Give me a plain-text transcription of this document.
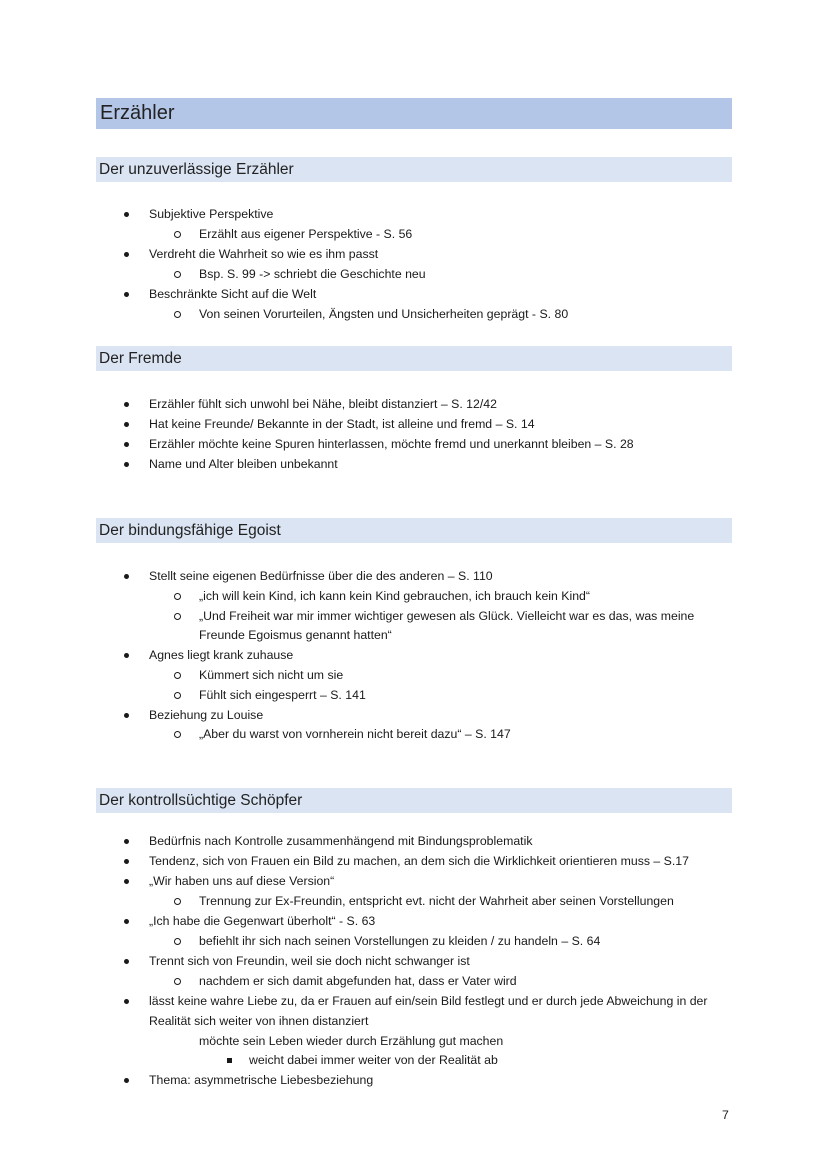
Erzähler
Der unzuverlässige Erzähler
Subjektive Perspektive
Erzählt aus eigener Perspektive - S. 56
Verdreht die Wahrheit so wie es ihm passt
Bsp. S. 99 -> schriebt die Geschichte neu
Beschränkte Sicht auf die Welt
Von seinen Vorurteilen, Ängsten und Unsicherheiten geprägt - S. 80
Der Fremde
Erzähler fühlt sich unwohl bei Nähe, bleibt distanziert – S. 12/42
Hat keine Freunde/ Bekannte in der Stadt, ist alleine und fremd – S. 14
Erzähler möchte keine Spuren hinterlassen, möchte fremd und unerkannt bleiben – S. 28
Name und Alter bleiben unbekannt
Der bindungsfähige Egoist
Stellt seine eigenen Bedürfnisse über die des anderen – S. 110
„ich will kein Kind, ich kann kein Kind gebrauchen, ich brauch kein Kind“
„Und Freiheit war mir immer wichtiger gewesen als Glück. Vielleicht war es das, was meine
Freunde Egoismus genannt hatten“
Agnes liegt krank zuhause
Kümmert sich nicht um sie
Fühlt sich eingesperrt – S. 141
Beziehung zu Louise
„Aber du warst von vornherein nicht bereit dazu“ – S. 147
Der kontrollsüchtige Schöpfer
Bedürfnis nach Kontrolle zusammenhängend mit Bindungsproblematik
Tendenz, sich von Frauen ein Bild zu machen, an dem sich die Wirklichkeit orientieren muss – S.17
„Wir haben uns auf diese Version“
Trennung zur Ex-Freundin, entspricht evt. nicht der Wahrheit aber seinen Vorstellungen
„Ich habe die Gegenwart überholt“ - S. 63
befiehlt ihr sich nach seinen Vorstellungen zu kleiden / zu handeln – S. 64
Trennt sich von Freundin, weil sie doch nicht schwanger ist
nachdem er sich damit abgefunden hat, dass er Vater wird
lässt keine wahre Liebe zu, da er Frauen auf ein/sein Bild festlegt und er durch jede Abweichung in der
Realität sich weiter von ihnen distanziert
möchte sein Leben wieder durch Erzählung gut machen
weicht dabei immer weiter von der Realität ab
Thema: asymmetrische Liebesbeziehung
7
